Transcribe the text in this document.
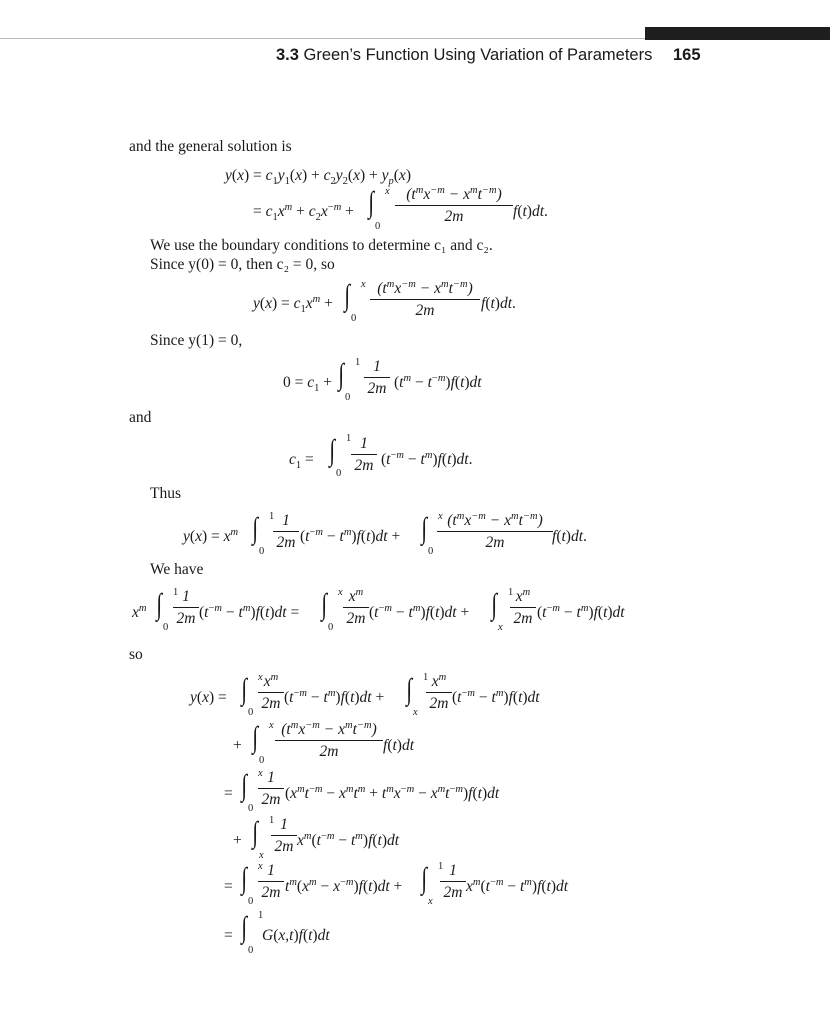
3.3 Green’s Function Using Variation of Parameters 165
and the general solution is
We use the boundary conditions to determine c₁ and c₂.
Since y(0) = 0, then c₂ = 0, so
Since y(1) = 0,
and
Thus
We have
so
$y(x) = c_1y_1(x) + c_2y_2(x) + y_p(x)$
= $c_1x^m + c_2x^{-m}$ + ∫ x
0
$(t^mx^{-m} - x^mt^{-m})$
2m	f(t)dt.
$y(x) = c_1x^m$ + ∫ x
0
$(t^mx^{-m} - x^mt^{-m})$
2m	f(t)dt.
$0 = c_1$ + ∫ 1
0
1
2m $(t^m - t^{-m})f(t)dt$
$c_1$ = ∫ 1
0
1
2m $(t^{-m} - t^m)f(t)dt$.
$y(x) = x^m$ ∫ 1
0
1
2m $(t^{-m} - t^m)f(t)dt$ + ∫ x
0
$(t^mx^{-m} - x^mt^{-m})$
2m	f(t)dt.
$x^m$ ∫ 1
0
1
2m $(t^{-m} - t^m)f(t)dt$ = ∫ x
0
$x^m$
2m $(t^{-m} - t^m)f(t)dt$ + ∫ 1
x
$x^m$
2m $(t^{-m} - t^m)f(t)dt$
y(x) = ∫ x
0
$x^m$
2m $(t^{-m} - t^m)f(t)dt$ + ∫ 1
x
$x^m$
2m $(t^{-m} - t^m)f(t)dt$
+ ∫ x
0
$(t^mx^{-m} - x^mt^{-m})$
2m	f(t)dt
= ∫ x
0
1
2m $(x^mt^{-m} - x^mt^m + t^mx^{-m} - x^mt^{-m})f(t)dt$
+ ∫ 1
x
1
2m $x^m(t^{-m} - t^m)f(t)dt$
= ∫ x
0
1
2m $t^m(x^m - x^{-m})f(t)dt$ + ∫ 1
x
1
2m $x^m(t^{-m} - t^m)f(t)dt$
= ∫ 1
0
G(x,t)f(t)dt
